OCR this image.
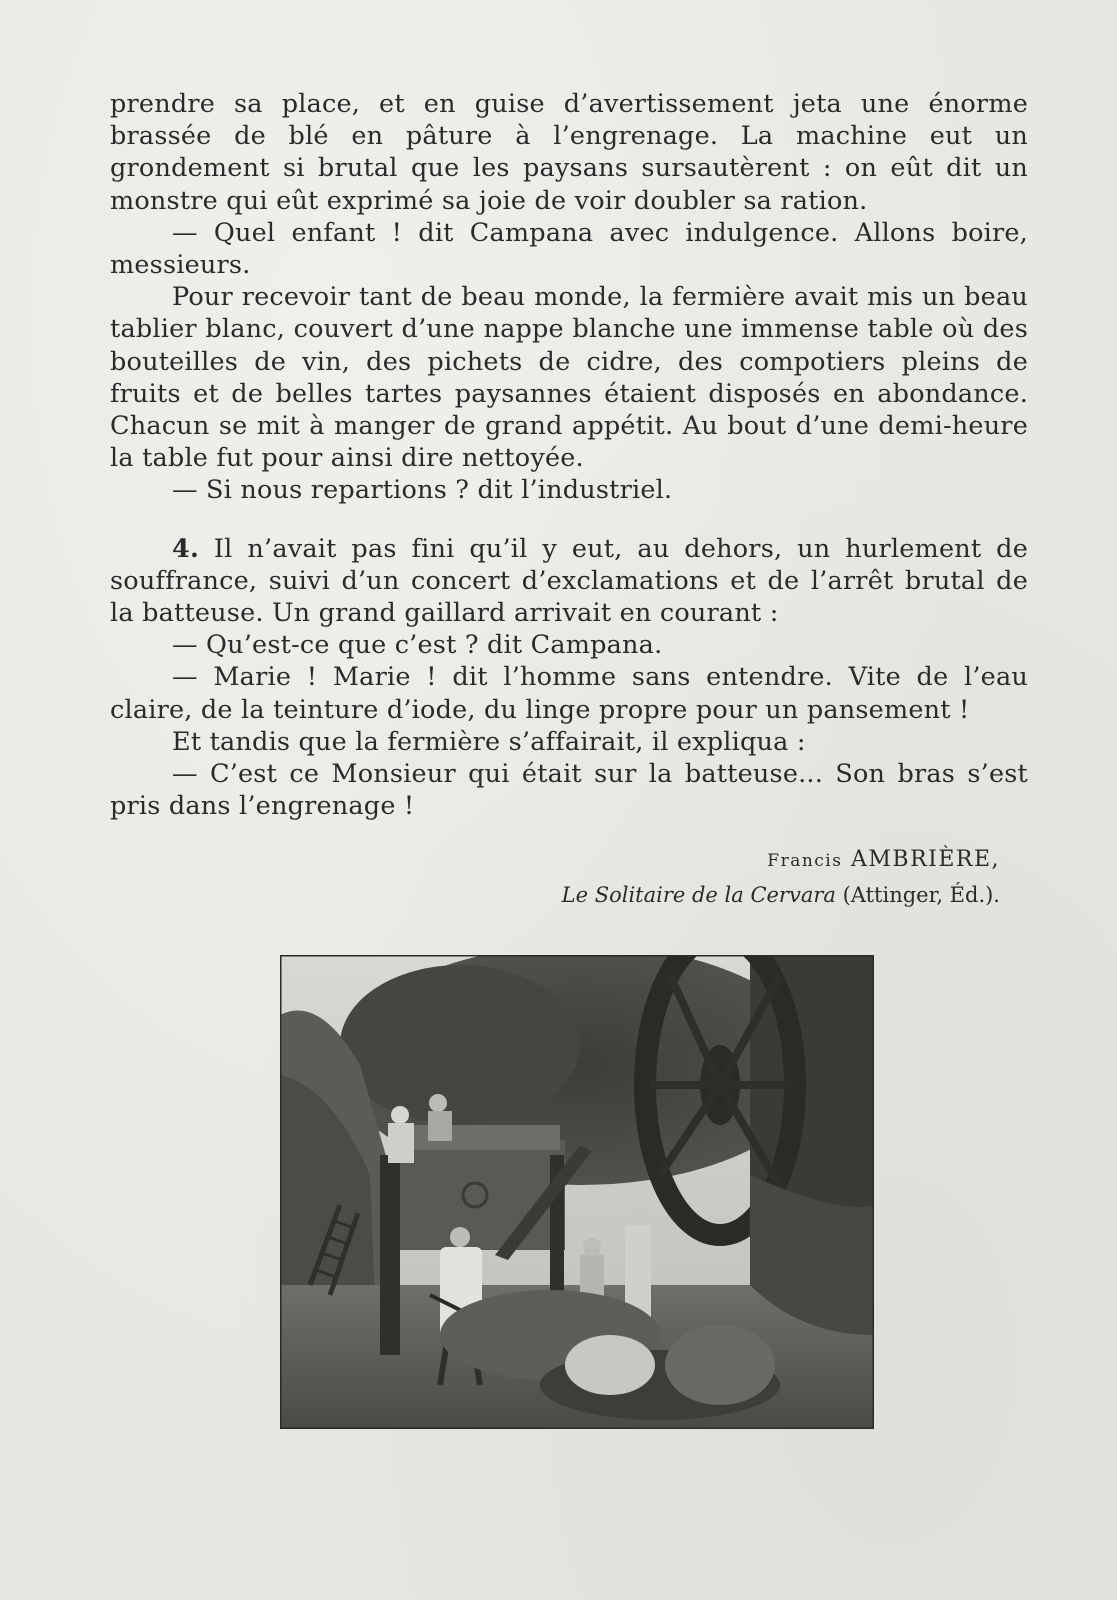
prendre sa place, et en guise d’avertissement jeta une énorme brassée de blé en pâture à l’engrenage. La machine eut un grondement si brutal que les paysans sursautèrent : on eût dit un monstre qui eût exprimé sa joie de voir doubler sa ration.

— Quel enfant ! dit Campana avec indulgence. Allons boire, messieurs.

Pour recevoir tant de beau monde, la fermière avait mis un beau tablier blanc, couvert d’une nappe blanche une immense table où des bouteilles de vin, des pichets de cidre, des compotiers pleins de fruits et de belles tartes paysannes étaient disposés en abondance. Chacun se mit à manger de grand appétit. Au bout d’une demi-heure la table fut pour ainsi dire nettoyée.

— Si nous repartions ? dit l’industriel.

4. Il n’avait pas fini qu’il y eut, au dehors, un hurlement de souffrance, suivi d’un concert d’exclamations et de l’arrêt brutal de la batteuse. Un grand gaillard arrivait en courant :

— Qu’est-ce que c’est ? dit Campana.

— Marie ! Marie ! dit l’homme sans entendre. Vite de l’eau claire, de la teinture d’iode, du linge propre pour un pansement !

Et tandis que la fermière s’affairait, il expliqua :

— C’est ce Monsieur qui était sur la batteuse... Son bras s’est pris dans l’engrenage !

Francis AMBRIÈRE,
Le Solitaire de la Cervara (Attinger, Éd.).
